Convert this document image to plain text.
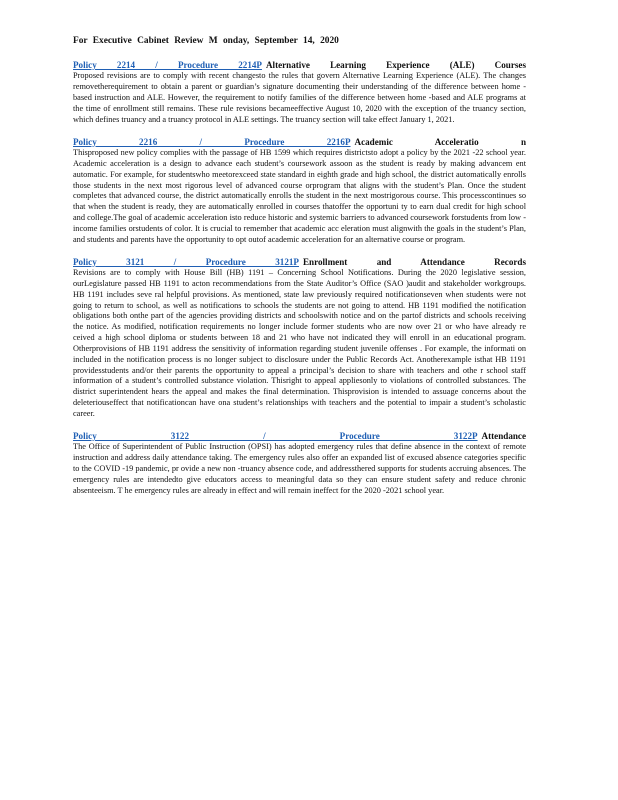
For Executive Cabinet Review M onday, September 14, 2020
Policy 2214 / Procedure 2214P Alternative Learning Experience (ALE) Courses
Proposed revisions are to comply with recent changesto the rules that govern Alternative Learning Experience (ALE). The changes removetherequirement to obtain a parent or guardian’s signature documenting their understanding of the difference between home -based instruction and ALE. However, the requirement to notify families of the difference between home -based and ALE programs at the time of enrollment still remains. These rule revisions becameeffective August 10, 2020 with the exception of the truancy section, which defines truancy and a truancy protocol in ALE settings. The truancy section will take effect January 1, 2021.
Policy 2216 / Procedure 2216P Academic Acceleratio n
Thisproposed new policy complies with the passage of HB 1599 which requires districtsto adopt a policy by the 2021 -22 school year. Academic acceleration is a design to advance each student’s coursework assoon as the student is ready by making advancem ent automatic. For example, for studentswho meetorexceed state standard in eighth grade and high school, the district automatically enrolls those students in the next most rigorous level of advanced course orprogram that aligns with the student’s Plan. Once the student completes that advanced course, the district automatically enrolls the student in the next mostrigorous course. This processcontinues so that when the student is ready, they are automatically enrolled in courses thatoffer the opportuni ty to earn dual credit for high school and college.The goal of academic acceleration isto reduce historic and systemic barriers to advanced coursework forstudents from low -income families orstudents of color. It is crucial to remember that academic acc eleration must alignwith the goals in the student’s Plan, and students and parents have the opportunity to opt outof academic acceleration for an alternative course or program.
Policy 3121 / Procedure 3121P Enrollment and Attendance Records
Revisions are to comply with House Bill (HB) 1191 – Concerning School Notifications. During the 2020 legislative session, ourLegislature passed HB 1191 to acton recommendations from the State Auditor’s Office (SAO )audit and stakeholder workgroups. HB 1191 includes seve ral helpful provisions. As mentioned, state law previously required notificationseven when students were not going to return to school, as well as notifications to schools the students are not going to attend. HB 1191 modified the notification obligations both onthe part of the agencies providing districts and schoolswith notice and on the partof districts and schools receiving the notice. As modified, notification requirements no longer include former students who are now over 21 or who have already re ceived a high school diploma or students between 18 and 21 who have not indicated they will enroll in an educational program. Otherprovisions of HB 1191 address the sensitivity of information regarding student juvenile offenses . For example, the informati on included in the notification process is no longer subject to disclosure under the Public Records Act. Anotherexample isthat HB 1191 providesstudents and/or their parents the opportunity to appeal a principal’s decision to share with teachers and othe r school staff information of a student’s controlled substance violation. Thisright to appeal appliesonly to violations of controlled substances. The district superintendent hears the appeal and makes the final determination. Thisprovision is intended to assuage concerns about the deleteriouseffect that notificationcan have ona student’s relationships with teachers and the potential to impair a student’s scholastic career.
Policy 3122 / Procedure 3122P Attendance
The Office of Superintendent of Public Instruction (OPSI) has adopted emergency rules that define absence in the context of remote instruction and address daily attendance taking. The emergency rules also offer an expanded list of excused absence categories specific to the COVID -19 pandemic, pr ovide a new non -truancy absence code, and addressthered supports for students accruing absences. The emergency rules are intendedto give educators access to meaningful data so they can ensure student safety and reduce chronic absenteeism. T he emergency rules are already in effect and will remain ineffect for the 2020 -2021 school year.
